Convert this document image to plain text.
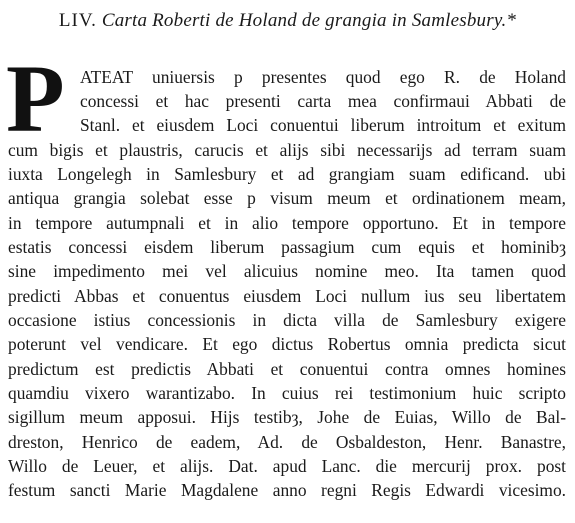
LIV. Carta Roberti de Holand de grangia in Samlesbury.*
P ATEAT uniuersis p presentes quod ego R. de Holand
concessi et hac presenti carta mea confirmaui Abbati de
Stanl. et eiusdem Loci conuentui liberum introitum et exitum
cum bigis et plaustris, carucis et alijs sibi necessarijs ad terram suam
iuxta Longelegh in Samlesbury et ad grangiam suam edificand. ubi
antiqua grangia solebat esse p visum meum et ordinationem meam,
in tempore autumpnali et in alio tempore opportuno. Et in tempore
estatis concessi eisdem liberum passagium cum equis et hominibȝ
sine impedimento mei vel alicuius nomine meo. Ita tamen quod
predicti Abbas et conuentus eiusdem Loci nullum ius seu libertatem
occasione istius concessionis in dicta villa de Samlesbury exigere
poterunt vel vendicare. Et ego dictus Robertus omnia predicta sicut
predictum est predictis Abbati et conuentui contra omnes homines
quamdiu vixero warantizabo. In cuius rei testimonium huic scripto
sigillum meum apposui. Hijs testibȝ, Johe de Euias, Willo de Bal-
dreston, Henrico de eadem, Ad. de Osbaldeston, Henr. Banastre,
Willo de Leuer, et alijs. Dat. apud Lanc. die mercurij prox. post
festum sancti Marie Magdalene anno regni Regis Edwardi vicesimo.
